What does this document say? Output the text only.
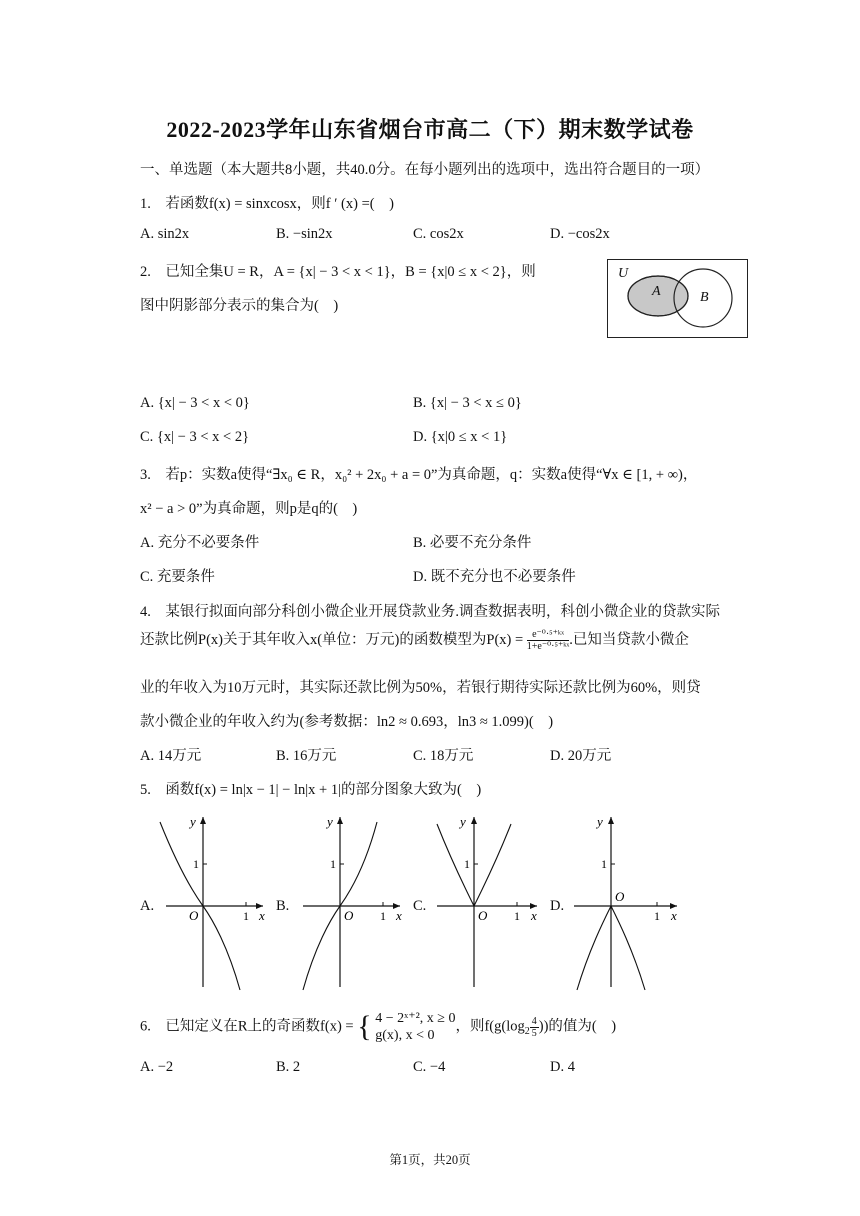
2022-2023学年山东省烟台市高二（下）期末数学试卷
一、单选题（本大题共8小题，共40.0分。在每小题列出的选项中，选出符合题目的一项）
1.　若函数f(x) = sinxcosx，则f ′ (x) =(　)
A. sin2x	B. −sin2x	C. cos2x	D. −cos2x
2.　已知全集U = R，A = {x| − 3 < x < 1}，B = {x|0 ≤ x < 2}，则
图中阴影部分表示的集合为(　)
U
A	B
A. {x| − 3 < x < 0}	B. {x| − 3 < x ≤ 0}
C. {x| − 3 < x < 2}	D. {x|0 ≤ x < 1}
3.　若p：实数a使得“∃x₀ ∈ R，x₀² + 2x₀ + a = 0”为真命题，q：实数a使得“∀x ∈ [1, + ∞)，
x² − a > 0”为真命题，则p是q的(　)
A. 充分不必要条件	B. 必要不充分条件
C. 充要条件	D. 既不充分也不必要条件
4.　某银行拟面向部分科创小微企业开展贷款业务.调查数据表明，科创小微企业的贷款实际
还款比例P(x)关于其年收入x(单位：万元)的函数模型为$P(x) = \frac{\text{e⁻⁰·⁵⁺ᵏˣ}}{\text{1+e⁻⁰·⁵⁺ᵏˣ}}$ .已知当贷款小微企
业的年收入为10万元时，其实际还款比例为50%，若银行期待实际还款比例为60%，则贷
款小微企业的年收入约为(参考数据：ln2 ≈ 0.693，ln3 ≈ 1.099)(　)
A. 14万元	B. 16万元	C. 18万元	D. 20万元
5.　函数f(x) = ln|x − 1| − ln|x + 1|的部分图象大致为(　)
A.	B.	C.	D.
y
1
O	1 x
y
1
O 1 x
y
1
O 1 x
y
1
O
1 x
6.　已知定义在R上的奇函数f(x) = { 4 − 2ˣ⁺², x ≥ 0
g(x), x < 0
，则$f(g(\log_2 \frac{4}{5}$ ))的值为(　)
A. −2	B. 2	C. −4	D. 4
第1页，共20页
